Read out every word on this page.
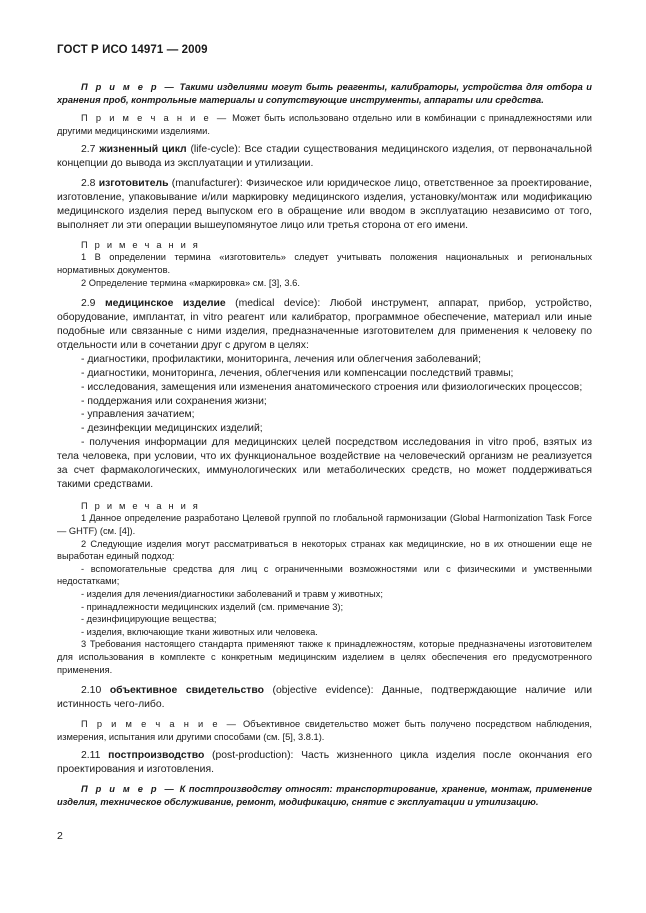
ГОСТ Р ИСО 14971 — 2009

П р и м е р — Такими изделиями могут быть реагенты, калибраторы, устройства для отбора и хранения проб, контрольные материалы и сопутствующие инструменты, аппараты или средства.

П р и м е ч а н и е — Может быть использовано отдельно или в комбинации с принадлежностями или другими медицинскими изделиями.

2.7 жизненный цикл (life-cycle): Все стадии существования медицинского изделия, от первоначальной концепции до вывода из эксплуатации и утилизации.

2.8 изготовитель (manufacturer): Физическое или юридическое лицо, ответственное за проектирование, изготовление, упаковывание и/или маркировку медицинского изделия, установку/монтаж или модификацию медицинского изделия перед выпуском его в обращение или вводом в эксплуатацию независимо от того, выполняет ли эти операции вышеупомянутое лицо или третья сторона от его имени.

П р и м е ч а н и я

1 В определении термина «изготовитель» следует учитывать положения национальных и региональных нормативных документов.

2 Определение термина «маркировка» см. [3], 3.6.

2.9 медицинское изделие (medical device): Любой инструмент, аппарат, прибор, устройство, оборудование, имплантат, in vitro реагент или калибратор, программное обеспечение, материал или иные подобные или связанные с ними изделия, предназначенные изготовителем для применения к человеку по отдельности или в сочетании друг с другом в целях:

- диагностики, профилактики, мониторинга, лечения или облегчения заболеваний;

- диагностики, мониторинга, лечения, облегчения или компенсации последствий травмы;

- исследования, замещения или изменения анатомического строения или физиологических процессов;

- поддержания или сохранения жизни;

- управления зачатием;

- дезинфекции медицинских изделий;

- получения информации для медицинских целей посредством исследования in vitro проб, взятых из тела человека, при условии, что их функциональное воздействие на человеческий организм не реализуется за счет фармакологических, иммунологических или метаболических средств, но может поддерживаться такими средствами.

П р и м е ч а н и я

1 Данное определение разработано Целевой группой по глобальной гармонизации (Global Harmonization Task Force — GHTF) (см. [4]).

2 Следующие изделия могут рассматриваться в некоторых странах как медицинские, но в их отношении еще не выработан единый подход:

- вспомогательные средства для лиц с ограниченными возможностями или с физическими и умственными недостатками;

- изделия для лечения/диагностики заболеваний и травм у животных;

- принадлежности медицинских изделий (см. примечание 3);

- дезинфицирующие вещества;

- изделия, включающие ткани животных или человека.

3 Требования настоящего стандарта применяют также к принадлежностям, которые предназначены изготовителем для использования в комплекте с конкретным медицинским изделием в целях обеспечения его предусмотренного применения.

2.10 объективное свидетельство (objective evidence): Данные, подтверждающие наличие или истинность чего-либо.

П р и м е ч а н и е — Объективное свидетельство может быть получено посредством наблюдения, измерения, испытания или другими способами (см. [5], 3.8.1).

2.11 постпроизводство (post-production): Часть жизненного цикла изделия после окончания его проектирования и изготовления.

П р и м е р — К постпроизводству относят: транспортирование, хранение, монтаж, применение изделия, техническое обслуживание, ремонт, модификацию, снятие с эксплуатации и утилизацию.

2
